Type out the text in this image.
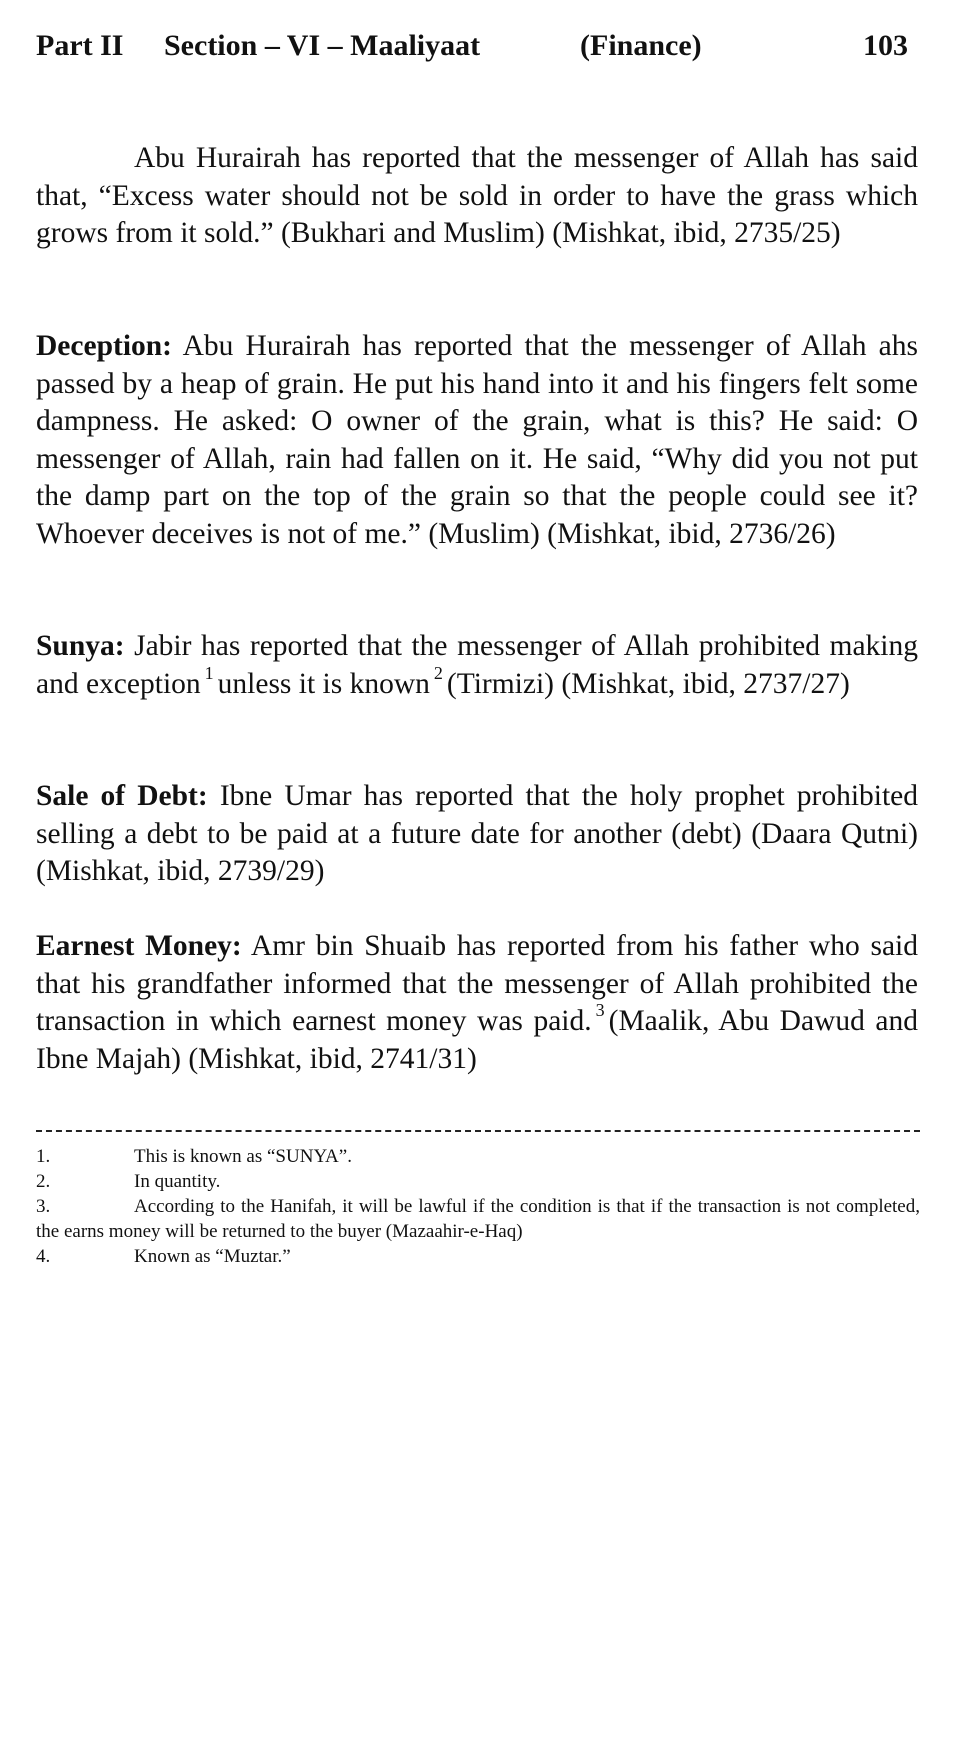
Part II Section – VI – Maaliyaat	(Finance)	103

Abu Hurairah has reported that the messenger of Allah has said that, “Excess water should not be sold in order to have the grass which grows from it sold.” (Bukhari and Muslim) (Mishkat, ibid, 2735/25)

Deception: Abu Hurairah has reported that the messenger of Allah ahs passed by a heap of grain. He put his hand into it and his fingers felt some dampness. He asked: O owner of the grain, what is this? He said: O messenger of Allah, rain had fallen on it. He said, “Why did you not put the damp part on the top of the grain so that the people could see it? Whoever deceives is not of me.” (Muslim) (Mishkat, ibid, 2736/26)

Sunya: Jabir has reported that the messenger of Allah prohibited making and exception $^1$ unless it is known $^2$ (Tirmizi) (Mishkat, ibid, 2737/27)

Sale of Debt: Ibne Umar has reported that the holy prophet prohibited selling a debt to be paid at a future date for another (debt) (Daara Qutni) (Mishkat, ibid, 2739/29)

Earnest Money: Amr bin Shuaib has reported from his father who said that his grandfather informed that the messenger of Allah prohibited the transaction in which earnest money was paid. $^3$ (Maalik, Abu Dawud and Ibne Majah) (Mishkat, ibid, 2741/31)

1.	This is known as “SUNYA”.

2.	In quantity.

3.	According to the Hanifah, it will be lawful if the condition is that if the transaction is not completed, the earns money will be returned to the buyer (Mazaahir-e-Haq)

4.	Known as “Muztar.”
